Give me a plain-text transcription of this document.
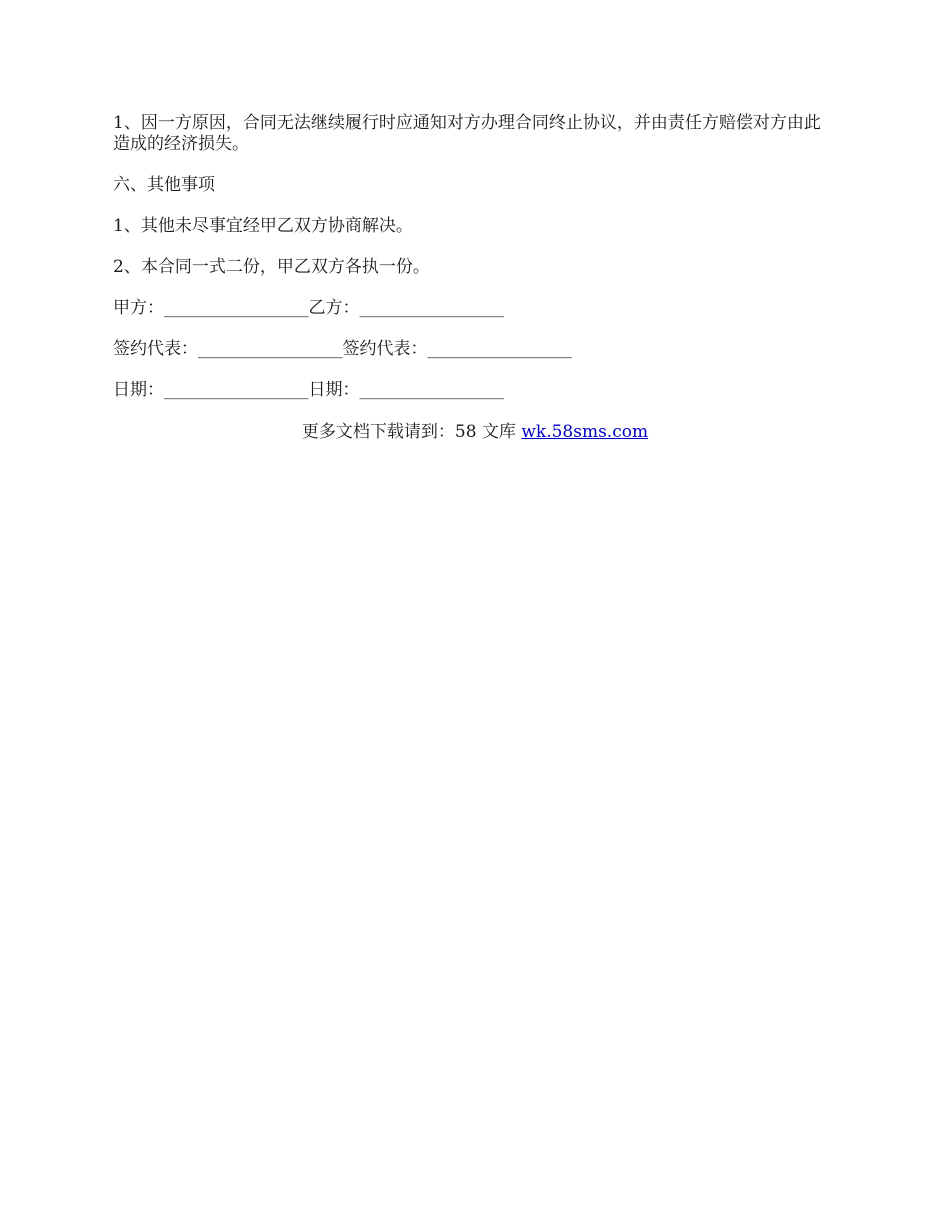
1、因一方原因，合同无法继续履行时应通知对方办理合同终止协议，并由责任方赔偿对方由此造成的经济损失。

六、其他事项

1、其他未尽事宜经甲乙双方协商解决。

2、本合同一式二份，甲乙双方各执一份。

甲方：_________________乙方：_________________

签约代表：_________________签约代表：_________________

日期：_________________日期：_________________

更多文档下载请到：58 文库 wk.58sms.com
